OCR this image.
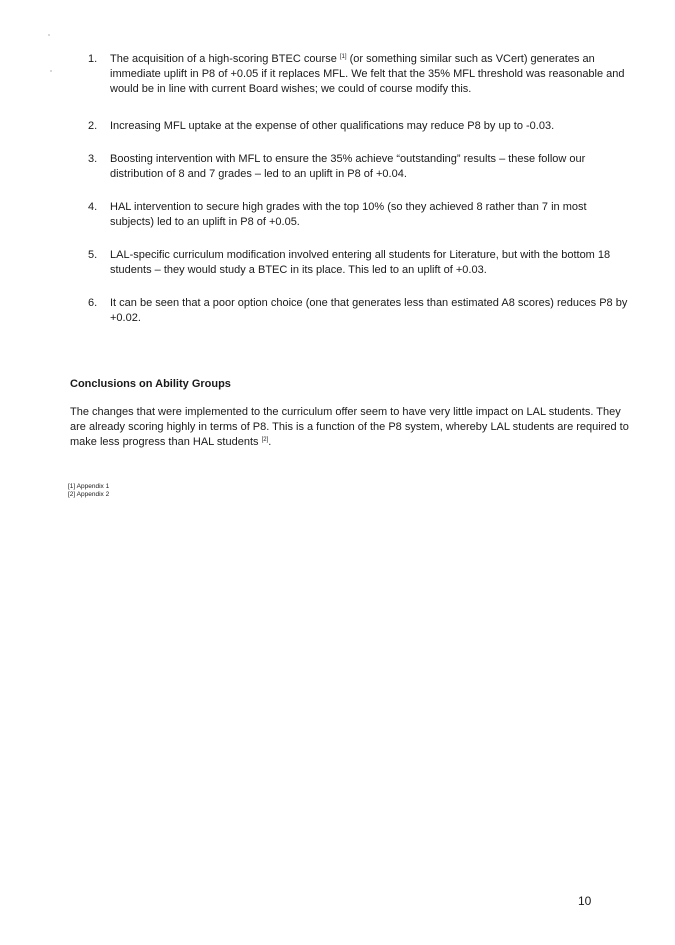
1.	The acquisition of a high-scoring BTEC course [1] (or something similar such as VCert) generates an immediate uplift in P8 of +0.05 if it replaces MFL. We felt that the 35% MFL threshold was reasonable and would be in line with current Board wishes; we could of course modify this.
2.	Increasing MFL uptake at the expense of other qualifications may reduce P8 by up to -0.03.
3.	Boosting intervention with MFL to ensure the 35% achieve “outstanding” results – these follow our distribution of 8 and 7 grades – led to an uplift in P8 of +0.04.
4.	HAL intervention to secure high grades with the top 10% (so they achieved 8 rather than 7 in most subjects) led to an uplift in P8 of +0.05.
5.	LAL-specific curriculum modification involved entering all students for Literature, but with the bottom 18 students – they would study a BTEC in its place. This led to an uplift of +0.03.
6.	It can be seen that a poor option choice (one that generates less than estimated A8 scores) reduces P8 by +0.02.
Conclusions on Ability Groups

The changes that were implemented to the curriculum offer seem to have very little impact on LAL students. They are already scoring highly in terms of P8. This is a function of the P8 system, whereby LAL students are required to make less progress than HAL students [2].

[1] Appendix 1
[2] Appendix 2
10
